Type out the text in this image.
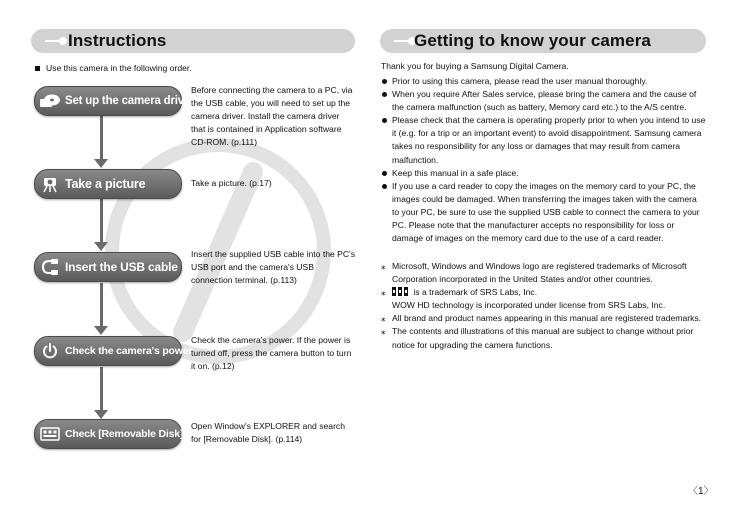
Instructions	Getting to know your camera
Use this camera in the following order.
Set up the camera driver
Before connecting the camera to a PC, via the USB cable, you will need to set up the camera driver. Install the camera driver that is contained in Application software CD-ROM. (p.111)
Take a picture	Take a picture. (p.17)
Insert the USB cable
Insert the supplied USB cable into the PC's USB port and the camera's USB connection terminal. (p.113)
Check the camera's power
Check the camera's power. If the power is turned off, press the camera button to turn it on. (p.12)
Check [Removable Disk]
Open Window's EXPLORER and search for [Removable Disk]. (p.114)
Thank you for buying a Samsung Digital Camera.
Prior to using this camera, please read the user manual thoroughly.
When you require After Sales service, please bring the camera and the cause of the camera malfunction (such as battery, Memory card etc.) to the A/S centre.
Please check that the camera is operating properly prior to when you intend to use it (e.g. for a trip or an important event) to avoid disappointment. Samsung camera takes no responsibility for any loss or damages that may result from camera malfunction.
Keep this manual in a safe place.
If you use a card reader to copy the images on the memory card to your PC, the images could be damaged. When transferring the images taken with the camera to your PC, be sure to use the supplied USB cable to connect the camera to your PC. Please note that the manufacturer accepts no responsibility for loss or damage of images on the memory card due to the use of a card reader.
⁎ Microsoft, Windows and Windows logo are registered trademarks of Microsoft Corporation incorporated in the United States and/or other countries.
⁎	is a trademark of SRS Labs, Inc.
WOW HD technology is incorporated under license from SRS Labs, Inc.
⁎ All brand and product names appearing in this manual are registered trademarks.
⁎ The contents and illustrations of this manual are subject to change without prior notice for upgrading the camera functions.
〈1〉
